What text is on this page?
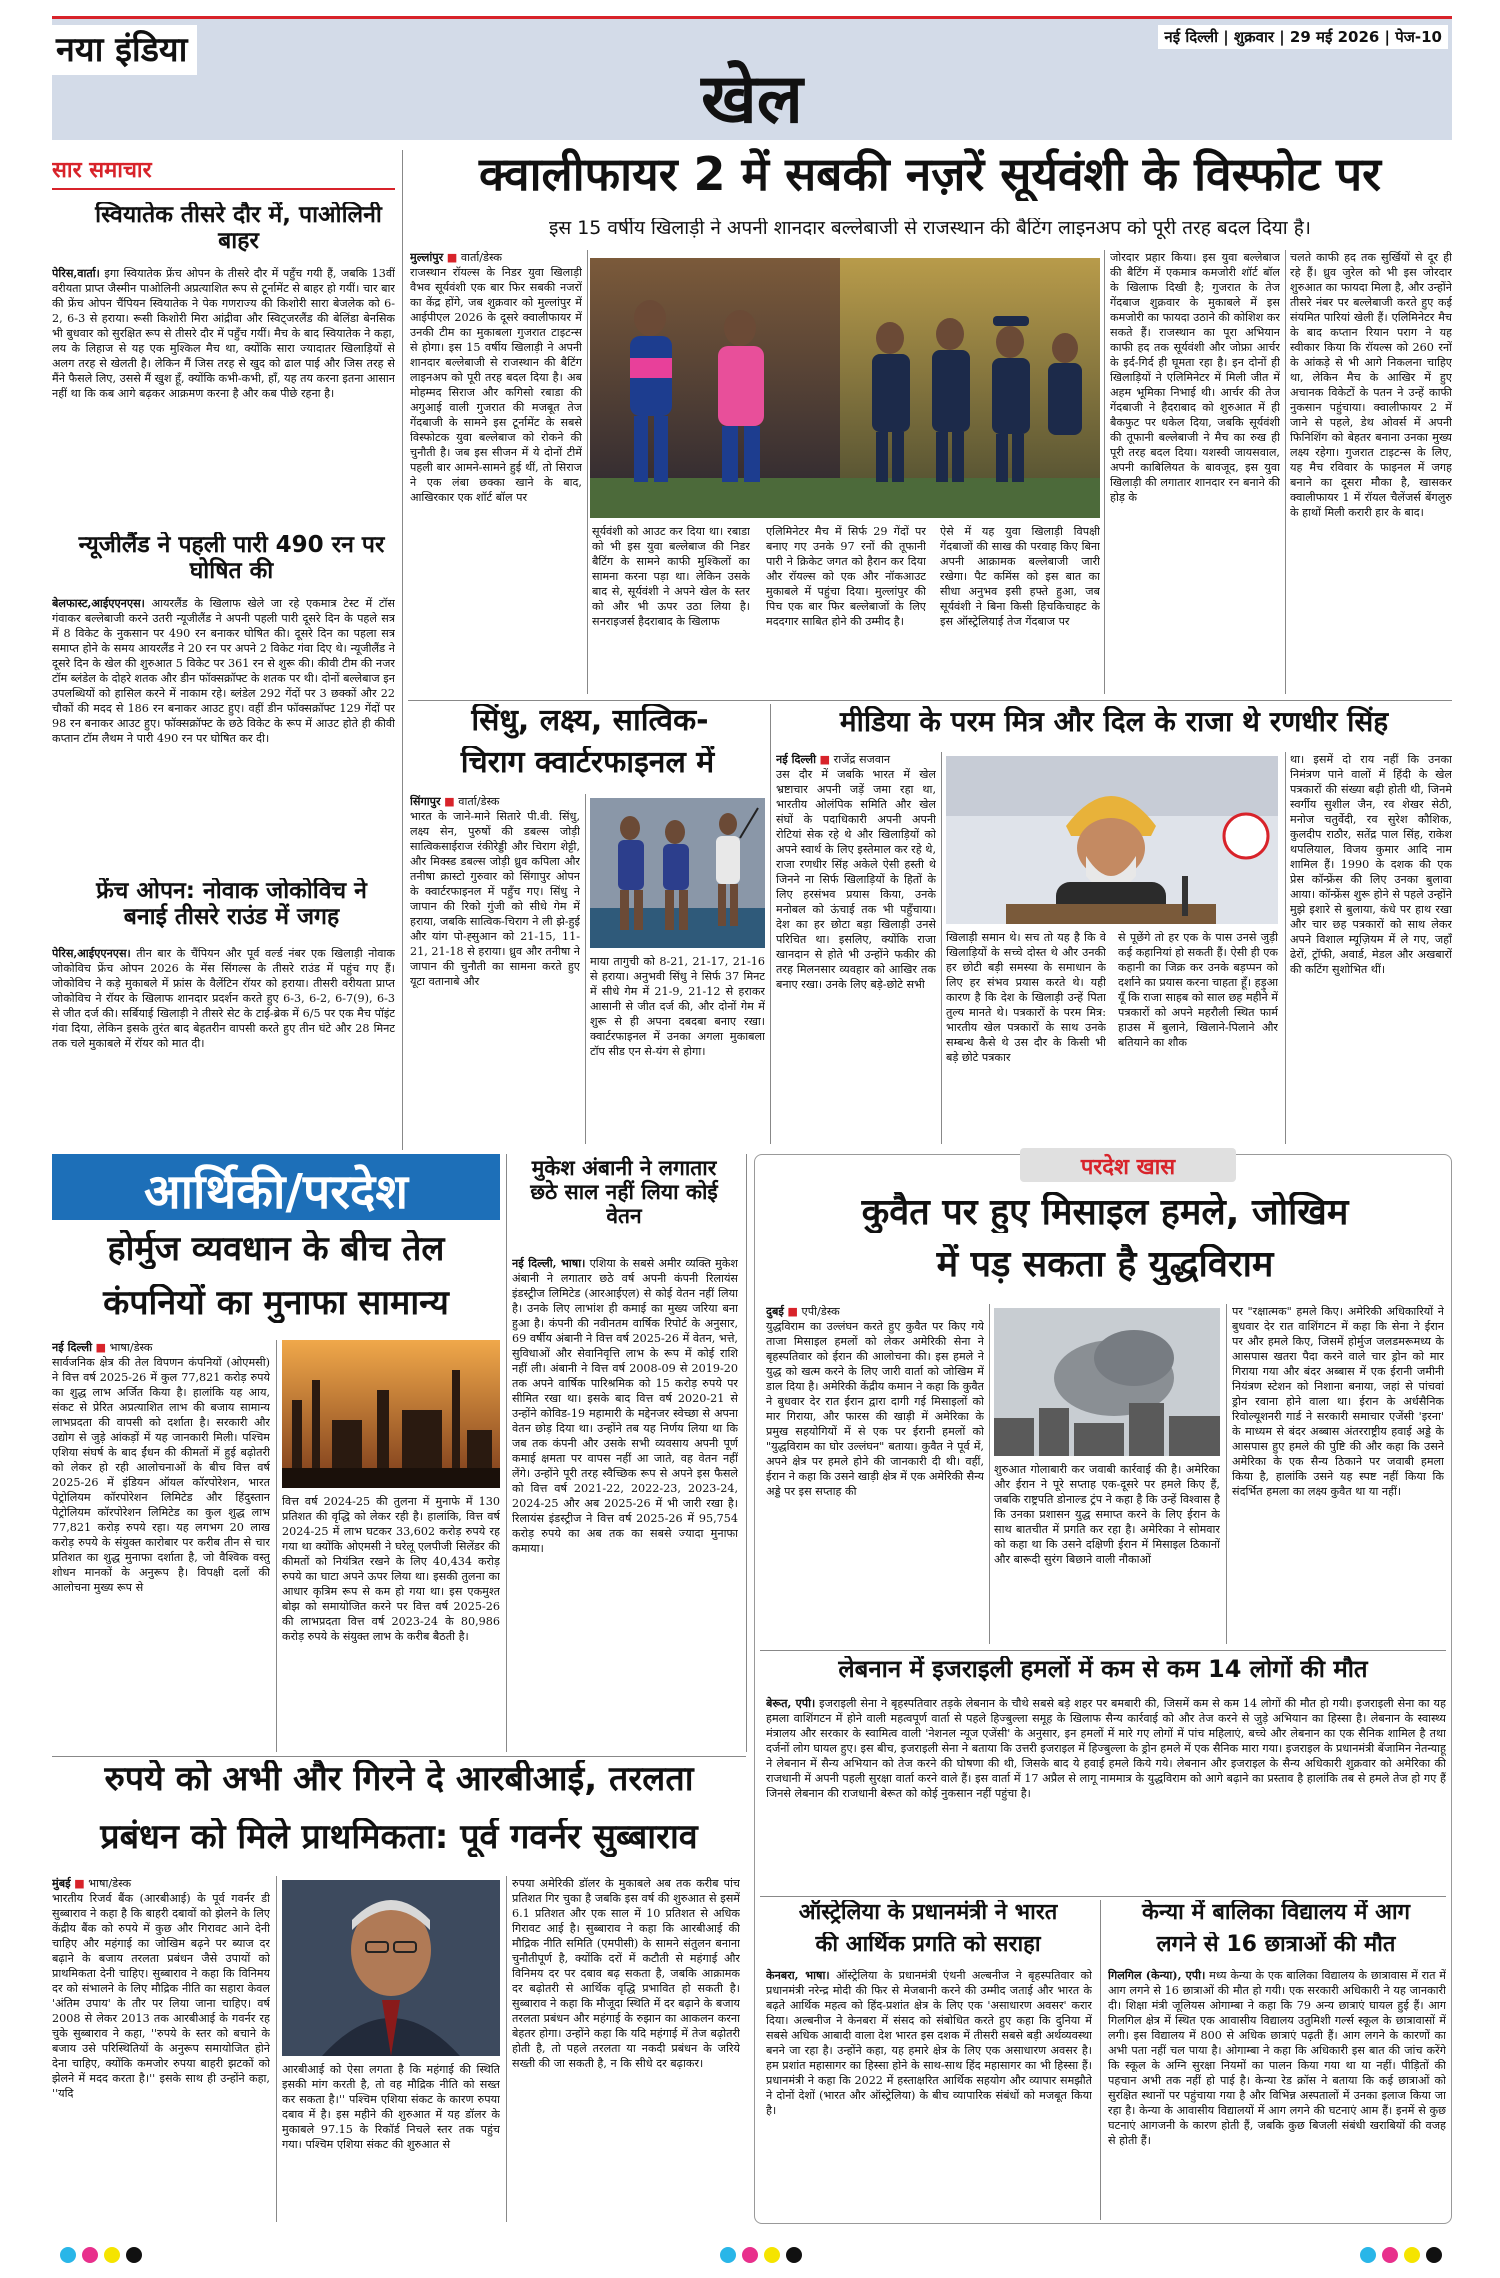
नया इंडिया	नई दिल्ली | शुक्रवार | 29 मई 2026 | पेज-10
खेल
सार समाचार
स्वियातेक तीसरे दौर में, पाओलिनी बाहर
पेरिस,वार्ता। इगा स्वियातेक फ्रेंच ओपन के तीसरे दौर में पहुँच गयी हैं, जबकि 13वीं वरीयता प्राप्त जैस्मीन पाओलिनी अप्रत्याशित रूप से टूर्नामेंट से बाहर हो गयीं। चार बार की फ्रेंच ओपन चैंपियन स्वियातेक ने पेक गणराज्य की किशोरी सारा बेजलेक को 6-2, 6-3 से हराया। रूसी किशोरी मिरा आंद्रीवा और स्विट्जरलैंड की बेलिंडा बेनसिक भी बुधवार को सुरक्षित रूप से तीसरे दौर में पहुँच गयीं। मैच के बाद स्वियातेक ने कहा, लय के लिहाज से यह एक मुश्किल मैच था, क्योंकि सारा ज्यादातर खिलाड़ियों से अलग तरह से खेलती है। लेकिन मैं जिस तरह से खुद को ढाल पाई और जिस तरह से मैंने फैसले लिए, उससे मैं खुश हूँ, क्योंकि कभी-कभी, हाँ, यह तय करना इतना आसान नहीं था कि कब आगे बढ़कर आक्रमण करना है और कब पीछे रहना है।
न्यूजीलैंड ने पहली पारी 490 रन पर घोषित की
बेलफास्ट,आईएएनएस। आयरलैंड के खिलाफ खेले जा रहे एकमात्र टेस्ट में टॉस गंवाकर बल्लेबाजी करने उतरी न्यूजीलैंड ने अपनी पहली पारी दूसरे दिन के पहले सत्र में 8 विकेट के नुकसान पर 490 रन बनाकर घोषित की। दूसरे दिन का पहला सत्र समाप्त होने के समय आयरलैंड ने 20 रन पर अपने 2 विकेट गंवा दिए थे। न्यूजीलैंड ने दूसरे दिन के खेल की शुरुआत 5 विकेट पर 361 रन से शुरू की। कीवी टीम की नजर टॉम ब्लंडेल के दोहरे शतक और डीन फॉक्सक्रॉफ्ट के शतक पर थी। दोनों बल्लेबाज इन उपलब्धियों को हासिल करने में नाकाम रहे। ब्लंडेल 292 गेंदों पर 3 छक्कों और 22 चौकों की मदद से 186 रन बनाकर आउट हुए। वहीं डीन फॉक्सक्रॉफ्ट 129 गेंदों पर 98 रन बनाकर आउट हुए। फॉक्सक्रॉफ्ट के छठे विकेट के रूप में आउट होते ही कीवी कप्तान टॉम लैथम ने पारी 490 रन पर घोषित कर दी।
फ्रेंच ओपन: नोवाक जोकोविच ने बनाई तीसरे राउंड में जगह
पेरिस,आईएएनएस। तीन बार के चैंपियन और पूर्व वर्ल्ड नंबर एक खिलाड़ी नोवाक जोकोविच फ्रेंच ओपन 2026 के मेंस सिंगल्स के तीसरे राउंड में पहुंच गए हैं। जोकोविच ने कड़े मुकाबले में फ्रांस के वैलेंटिन रॉयर को हराया। तीसरी वरीयता प्राप्त जोकोविच ने रॉयर के खिलाफ शानदार प्रदर्शन करते हुए 6-3, 6-2, 6-7(9), 6-3 से जीत दर्ज की। सर्बियाई खिलाड़ी ने तीसरे सेट के टाई-ब्रेक में 6/5 पर एक मैच पॉइंट गंवा दिया, लेकिन इसके तुरंत बाद बेहतरीन वापसी करते हुए तीन घंटे और 28 मिनट तक चले मुकाबले में रॉयर को मात दी।
क्वालीफायर 2 में सबकी नज़रें सूर्यवंशी के विस्फोट पर
इस 15 वर्षीय खिलाड़ी ने अपनी शानदार बल्लेबाजी से राजस्थान की बैटिंग लाइनअप को पूरी तरह बदल दिया है।
मुल्लांपुर ■ वार्ता/डेस्क
राजस्थान रॉयल्स के निडर युवा खिलाड़ी वैभव सूर्यवंशी एक बार फिर सबकी नजरों का केंद्र होंगे, जब शुक्रवार को मुल्लांपुर में आईपीएल 2026 के दूसरे क्वालीफायर में उनकी टीम का मुकाबला गुजरात टाइटन्स से होगा। इस 15 वर्षीय खिलाड़ी ने अपनी शानदार बल्लेबाजी से राजस्थान की बैटिंग लाइनअप को पूरी तरह बदल दिया है। अब मोहम्मद सिराज और कगिसो रबाडा की अगुआई वाली गुजरात की मजबूत तेज गेंदबाजी के सामने इस टूर्नामेंट के सबसे विस्फोटक युवा बल्लेबाज को रोकने की चुनौती है। जब इस सीजन में ये दोनों टीमें पहली बार आमने-सामने हुई थीं, तो सिराज ने एक लंबा छक्का खाने के बाद, आखिरकार एक शॉर्ट बॉल पर
सूर्यवंशी को आउट कर दिया था। रबाडा को भी इस युवा बल्लेबाज की निडर बैटिंग के सामने काफी मुश्किलों का सामना करना पड़ा था। लेकिन उसके बाद से, सूर्यवंशी ने अपने खेल के स्तर को और भी ऊपर उठा लिया है। सनराइजर्स हैदराबाद के खिलाफ
एलिमिनेटर मैच में सिर्फ 29 गेंदों पर बनाए गए उनके 97 रनों की तूफानी पारी ने क्रिकेट जगत को हैरान कर दिया और रॉयल्स को एक और नॉकआउट मुकाबले में पहुंचा दिया। मुल्लांपुर की पिच एक बार फिर बल्लेबाजों के लिए मददगार साबित होने की उम्मीद है।
ऐसे में यह युवा खिलाड़ी विपक्षी गेंदबाजों की साख की परवाह किए बिना अपनी आक्रामक बल्लेबाजी जारी रखेगा। पैट कमिंस को इस बात का सीधा अनुभव इसी हफ्ते हुआ, जब सूर्यवंशी ने बिना किसी हिचकिचाहट के इस ऑस्ट्रेलियाई तेज गेंदबाज पर
जोरदार प्रहार किया। इस युवा बल्लेबाज की बैटिंग में एकमात्र कमजोरी शॉर्ट बॉल के खिलाफ दिखी है; गुजरात के तेज गेंदबाज शुक्रवार के मुकाबले में इस कमजोरी का फायदा उठाने की कोशिश कर सकते हैं। राजस्थान का पूरा अभियान काफी हद तक सूर्यवंशी और जोफ्रा आर्चर के इर्द-गिर्द ही घूमता रहा है। इन दोनों ही खिलाड़ियों ने एलिमिनेटर में मिली जीत में अहम भूमिका निभाई थी। आर्चर की तेज गेंदबाजी ने हैदराबाद को शुरुआत में ही बैकफुट पर धकेल दिया, जबकि सूर्यवंशी की तूफानी बल्लेबाजी ने मैच का रुख ही पूरी तरह बदल दिया। यशस्वी जायसवाल, अपनी काबिलियत के बावजूद, इस युवा खिलाड़ी की लगातार शानदार रन बनाने की होड़ के
चलते काफी हद तक सुर्खियों से दूर ही रहे हैं। ध्रुव जुरेल को भी इस जोरदार शुरुआत का फायदा मिला है, और उन्होंने तीसरे नंबर पर बल्लेबाजी करते हुए कई संयमित पारियां खेली हैं। एलिमिनेटर मैच के बाद कप्तान रियान पराग ने यह स्वीकार किया कि रॉयल्स को 260 रनों के आंकड़े से भी आगे निकलना चाहिए था, लेकिन मैच के आखिर में हुए अचानक विकेटों के पतन ने उन्हें काफी नुकसान पहुंचाया। क्वालीफायर 2 में जाने से पहले, डेथ ओवर्स में अपनी फिनिशिंग को बेहतर बनाना उनका मुख्य लक्ष्य रहेगा। गुजरात टाइटन्स के लिए, यह मैच रविवार के फाइनल में जगह बनाने का दूसरा मौका है, खासकर क्वालीफायर 1 में रॉयल चैलेंजर्स बेंगलुरु के हाथों मिली करारी हार के बाद।
सिंधु, लक्ष्य, सात्विक-
चिराग क्वार्टरफाइनल में
सिंगापुर ■ वार्ता/डेस्क
भारत के जाने-माने सितारे पी.वी. सिंधु, लक्ष्य सेन, पुरुषों की डबल्स जोड़ी सात्विकसाईराज रंकीरेड्डी और चिराग शेट्टी, और मिक्स्ड डबल्स जोड़ी ध्रुव कपिला और तनीषा क्रास्टो गुरुवार को सिंगापुर ओपन के क्वार्टरफाइनल में पहुँच गए। सिंधु ने जापान की रिको गुंजी को सीधे गेम में हराया, जबकि सात्विक-चिराग ने ली झे-हुई और यांग पो-ह्सुआन को 21-15, 11-21, 21-18 से हराया। ध्रुव और तनीषा ने जापान की चुनौती का सामना करते हुए यूटा वतानाबे और
माया तागुची को 8-21, 21-17, 21-16 से हराया। अनुभवी सिंधु ने सिर्फ 37 मिनट में सीधे गेम में 21-9, 21-12 से हराकर आसानी से जीत दर्ज की, और दोनों गेम में शुरू से ही अपना दबदबा बनाए रखा। क्वार्टरफाइनल में उनका अगला मुकाबला टॉप सीड एन से-यंग से होगा।
मीडिया के परम मित्र और दिल के राजा थे रणधीर सिंह
नई दिल्ली ■ राजेंद्र सजवान
उस दौर में जबकि भारत में खेल भ्रष्टाचार अपनी जड़ें जमा रहा था, भारतीय ओलंपिक समिति और खेल संघों के पदाधिकारी अपनी अपनी रोटियां सेक रहे थे और खिलाड़ियों को अपने स्वार्थ के लिए इस्तेमाल कर रहे थे, राजा रणधीर सिंह अकेले ऐसी हस्ती थे जिनने ना सिर्फ खिलाड़ियों के हितों के लिए हरसंभव प्रयास किया, उनके मनोबल को ऊंचाई तक भी पहुँचाया। देश का हर छोटा बड़ा खिलाड़ी उनसे परिचित था। इसलिए, क्योंकि राजा खानदान से होते भी उन्होंने फकीर की तरह मिलनसार व्यवहार को आखिर तक बनाए रखा। उनके लिए बड़े-छोटे सभी
खिलाड़ी समान थे। सच तो यह है कि वे खिलाड़ियों के सच्चे दोस्त थे और उनकी हर छोटी बड़ी समस्या के समाधान के लिए हर संभव प्रयास करते थे। यही कारण है कि देश के खिलाड़ी उन्हें पिता तुल्य मानते थे। पत्रकारों के परम मित्र: भारतीय खेल पत्रकारों के साथ उनके सम्बन्ध कैसे थे उस दौर के किसी भी बड़े छोटे पत्रकार
से पूछेंगे तो हर एक के पास उनसे जुड़ी कई कहानियां हो सकती हैं। ऐसी ही एक कहानी का जिक्र कर उनके बड़प्पन को दर्शाने का प्रयास करना चाहता हूँ। हड़ुआ यूँ कि राजा साहब को साल छह महीने में पत्रकारों को अपने महरौली स्थित फार्म हाउस में बुलाने, खिलाने-पिलाने और बतियाने का शौक
था। इसमें दो राय नहीं कि उनका निमंत्रण पाने वालों में हिंदी के खेल पत्रकारों की संख्या बढ़ी होती थी, जिनमे स्वर्गीय सुशील जैन, रव शेखर सेठी, मनोज चतुर्वेदी, रव सुरेश कौशिक, कुलदीप राठौर, सतेंद्र पाल सिंह, राकेश थपलियाल, विजय कुमार आदि नाम शामिल हैं। 1990 के दशक की एक प्रेस कॉन्फ्रेंस की लिए उनका बुलावा आया। कॉन्फ्रेंस शुरू होने से पहले उन्होंने मुझे इशारे से बुलाया, कंधे पर हाथ रखा और चार छह पत्रकारों को साथ लेकर अपने विशाल म्यूज़ियम में ले गए, जहाँ ढेरों, ट्रॉफी, अवार्ड, मेडल और अखबारों की कटिंग सुशोभित थीं।
आर्थिकी/परदेश
होर्मुज व्यवधान के बीच तेल
कंपनियों का मुनाफा सामान्य
नई दिल्ली ■ भाषा/डेस्क
सार्वजनिक क्षेत्र की तेल विपणन कंपनियों (ओएमसी) ने वित्त वर्ष 2025-26 में कुल 77,821 करोड़ रुपये का शुद्ध लाभ अर्जित किया है। हालांकि यह आय, संकट से प्रेरित अप्रत्याशित लाभ की बजाय सामान्य लाभप्रदता की वापसी को दर्शाता है। सरकारी और उद्योग से जुड़े आंकड़ों में यह जानकारी मिली। पश्चिम एशिया संघर्ष के बाद ईंधन की कीमतों में हुई बढ़ोतरी को लेकर हो रही आलोचनाओं के बीच वित्त वर्ष 2025-26 में इंडियन ऑयल कॉरपोरेशन, भारत पेट्रोलियम कॉरपोरेशन लिमिटेड और हिंदुस्तान पेट्रोलियम कॉरपोरेशन लिमिटेड का कुल शुद्ध लाभ 77,821 करोड़ रुपये रहा। यह लगभग 20 लाख करोड़ रुपये के संयुक्त कारोबार पर करीब तीन से चार प्रतिशत का शुद्ध मुनाफा दर्शाता है, जो वैश्विक वस्तु शोधन मानकों के अनुरूप है। विपक्षी दलों की आलोचना मुख्य रूप से
वित्त वर्ष 2024-25 की तुलना में मुनाफे में 130 प्रतिशत की वृद्धि को लेकर रही है। हालांकि, वित्त वर्ष 2024-25 में लाभ घटकर 33,602 करोड़ रुपये रह गया था क्योंकि ओएमसी ने घरेलू एलपीजी सिलेंडर की कीमतों को नियंत्रित रखने के लिए 40,434 करोड़ रुपये का घाटा अपने ऊपर लिया था। इसकी तुलना का आधार कृत्रिम रूप से कम हो गया था। इस एकमुश्त बोझ को समायोजित करने पर वित्त वर्ष 2025-26 की लाभप्रदता वित्त वर्ष 2023-24 के 80,986 करोड़ रुपये के संयुक्त लाभ के करीब बैठती है।
मुकेश अंबानी ने लगातार छठे साल नहीं लिया कोई वेतन
नई दिल्ली, भाषा। एशिया के सबसे अमीर व्यक्ति मुकेश अंबानी ने लगातार छठे वर्ष अपनी कंपनी रिलायंस इंडस्ट्रीज लिमिटेड (आरआईएल) से कोई वेतन नहीं लिया है। उनके लिए लाभांश ही कमाई का मुख्य जरिया बना हुआ है। कंपनी की नवीनतम वार्षिक रिपोर्ट के अनुसार, 69 वर्षीय अंबानी ने वित्त वर्ष 2025-26 में वेतन, भत्ते, सुविधाओं और सेवानिवृत्ति लाभ के रूप में कोई राशि नहीं ली। अंबानी ने वित्त वर्ष 2008-09 से 2019-20 तक अपने वार्षिक पारिश्रमिक को 15 करोड़ रुपये पर सीमित रखा था। इसके बाद वित्त वर्ष 2020-21 से उन्होंने कोविड-19 महामारी के मद्देनजर स्वेच्छा से अपना वेतन छोड़ दिया था। उन्होंने तब यह निर्णय लिया था कि जब तक कंपनी और उसके सभी व्यवसाय अपनी पूर्ण कमाई क्षमता पर वापस नहीं आ जाते, वह वेतन नहीं लेंगे। उन्होंने पूरी तरह स्वैच्छिक रूप से अपने इस फैसले को वित्त वर्ष 2021-22, 2022-23, 2023-24, 2024-25 और अब 2025-26 में भी जारी रखा है। रिलायंस इंडस्ट्रीज ने वित्त वर्ष 2025-26 में 95,754 करोड़ रुपये का अब तक का सबसे ज्यादा मुनाफा कमाया।
परदेश खास
कुवैत पर हुए मिसाइल हमले, जोखिम
में पड़ सकता है युद्धविराम
दुबई ■ एपी/डेस्क
युद्धविराम का उल्लंघन करते हुए कुवैत पर किए गये ताजा मिसाइल हमलों को लेकर अमेरिकी सेना ने बृहस्पतिवार को ईरान की आलोचना की। इस हमले ने युद्ध को खत्म करने के लिए जारी वार्ता को जोखिम में डाल दिया है। अमेरिकी केंद्रीय कमान ने कहा कि कुवैत ने बुधवार देर रात ईरान द्वारा दागी गई मिसाइलों को मार गिराया, और फारस की खाड़ी में अमेरिका के प्रमुख सहयोगियों में से एक पर ईरानी हमलों को "युद्धविराम का घोर उल्लंघन" बताया। कुवैत ने पूर्व में, अपने क्षेत्र पर हमले होने की जानकारी दी थी। वहीं, ईरान ने कहा कि उसने खाड़ी क्षेत्र में एक अमेरिकी सैन्य अड्डे पर इस सप्ताह की
शुरुआत गोलाबारी कर जवाबी कार्रवाई की है। अमेरिका और ईरान ने पूरे सप्ताह एक-दूसरे पर हमले किए हैं, जबकि राष्ट्रपति डोनाल्ड ट्रंप ने कहा है कि उन्हें विश्वास है कि उनका प्रशासन युद्ध समाप्त करने के लिए ईरान के साथ बातचीत में प्रगति कर रहा है। अमेरिका ने सोमवार को कहा था कि उसने दक्षिणी ईरान में मिसाइल ठिकानों और बारूदी सुरंग बिछाने वाली नौकाओं
पर "रक्षात्मक" हमले किए। अमेरिकी अधिकारियों ने बुधवार देर रात वाशिंगटन में कहा कि सेना ने ईरान पर और हमले किए, जिसमें होर्मुज जलडमरूमध्य के आसपास खतरा पैदा करने वाले चार ड्रोन को मार गिराया गया और बंदर अब्बास में एक ईरानी जमीनी नियंत्रण स्टेशन को निशाना बनाया, जहां से पांचवां ड्रोन रवाना होने वाला था। ईरान के अर्धसैनिक रिवोल्यूशनरी गार्ड ने सरकारी समाचार एजेंसी 'इरना' के माध्यम से बंदर अब्बास अंतरराष्ट्रीय हवाई अड्डे के आसपास हुए हमले की पुष्टि की और कहा कि उसने अमेरिका के एक सैन्य ठिकाने पर जवाबी हमला किया है, हालांकि उसने यह स्पष्ट नहीं किया कि संदर्भित हमला का लक्ष्य कुवैत था या नहीं।
लेबनान में इजराइली हमलों में कम से कम 14 लोगों की मौत
बेरूत, एपी। इजराइली सेना ने बृहस्पतिवार तड़के लेबनान के चौथे सबसे बड़े शहर पर बमबारी की, जिसमें कम से कम 14 लोगों की मौत हो गयी। इजराइली सेना का यह हमला वाशिंगटन में होने वाली महत्वपूर्ण वार्ता से पहले हिज्बुल्ला समूह के खिलाफ सैन्य कार्रवाई को और तेज करने से जुड़े अभियान का हिस्सा है। लेबनान के स्वास्थ्य मंत्रालय और सरकार के स्वामित्व वाली 'नेशनल न्यूज एजेंसी' के अनुसार, इन हमलों में मारे गए लोगों में पांच महिलाएं, बच्चे और लेबनान का एक सैनिक शामिल है तथा दर्जनों लोग घायल हुए। इस बीच, इजराइली सेना ने बताया कि उत्तरी इजराइल में हिज्बुल्ला के ड्रोन हमले में एक सैनिक मारा गया। इजराइल के प्रधानमंत्री बेंजामिन नेतन्याहू ने लेबनान में सैन्य अभियान को तेज करने की घोषणा की थी, जिसके बाद ये हवाई हमले किये गये। लेबनान और इजराइल के सैन्य अधिकारी शुक्रवार को अमेरिका की राजधानी में अपनी पहली सुरक्षा वार्ता करने वाले हैं। इस वार्ता में 17 अप्रैल से लागू नाममात्र के युद्धविराम को आगे बढ़ाने का प्रस्ताव है हालांकि तब से हमले तेज हो गए हैं जिनसे लेबनान की राजधानी बेरूत को कोई नुकसान नहीं पहुंचा है।
ऑस्ट्रेलिया के प्रधानमंत्री ने भारत
की आर्थिक प्रगति को सराहा
केनबरा, भाषा। ऑस्ट्रेलिया के प्रधानमंत्री एंथनी अल्बनीज ने बृहस्पतिवार को प्रधानमंत्री नरेन्द्र मोदी की फिर से मेजबानी करने की उम्मीद जताई और भारत के बढ़ते आर्थिक महत्व को हिंद-प्रशांत क्षेत्र के लिए एक 'असाधारण अवसर' करार दिया। अल्बनीज ने केनबरा में संसद को संबोधित करते हुए कहा कि दुनिया में सबसे अधिक आबादी वाला देश भारत इस दशक में तीसरी सबसे बड़ी अर्थव्यवस्था बनने जा रहा है। उन्होंने कहा, यह हमारे क्षेत्र के लिए एक असाधारण अवसर है। हम प्रशांत महासागर का हिस्सा होने के साथ-साथ हिंद महासागर का भी हिस्सा हैं। प्रधानमंत्री ने कहा कि 2022 में हस्ताक्षरित आर्थिक सहयोग और व्यापार समझौते ने दोनों देशों (भारत और ऑस्ट्रेलिया) के बीच व्यापारिक संबंधों को मजबूत किया है।
केन्या में बालिका विद्यालय में आग
लगने से 16 छात्राओं की मौत
गिलगिल (केन्या), एपी। मध्य केन्या के एक बालिका विद्यालय के छात्रावास में रात में आग लगने से 16 छात्राओं की मौत हो गयी। एक सरकारी अधिकारी ने यह जानकारी दी। शिक्षा मंत्री जूलियस ओगाम्बा ने कहा कि 79 अन्य छात्राएं घायल हुई हैं। आग गिलगिल क्षेत्र में स्थित एक आवासीय विद्यालय उतुमिशी गर्ल्स स्कूल के छात्रावासों में लगी। इस विद्यालय में 800 से अधिक छात्राएं पढ़ती हैं। आग लगने के कारणों का अभी पता नहीं चल पाया है। ओगाम्बा ने कहा कि अधिकारी इस बात की जांच करेंगे कि स्कूल के अग्नि सुरक्षा नियमों का पालन किया गया था या नहीं। पीड़ितों की पहचान अभी तक नहीं हो पाई है। केन्या रेड क्रॉस ने बताया कि कई छात्राओं को सुरक्षित स्थानों पर पहुंचाया गया है और विभिन्न अस्पतालों में उनका इलाज किया जा रहा है। केन्या के आवासीय विद्यालयों में आग लगने की घटनाएं आम हैं। इनमें से कुछ घटनाएं आगजनी के कारण होती हैं, जबकि कुछ बिजली संबंधी खराबियों की वजह से होती हैं।
रुपये को अभी और गिरने दे आरबीआई, तरलता
प्रबंधन को मिले प्राथमिकता: पूर्व गवर्नर सुब्बाराव
मुंबई ■ भाषा/डेस्क
भारतीय रिजर्व बैंक (आरबीआई) के पूर्व गवर्नर डी सुब्बाराव ने कहा है कि बाहरी दबावों को झेलने के लिए केंद्रीय बैंक को रुपये में कुछ और गिरावट आने देनी चाहिए और महंगाई का जोखिम बढ़ने पर ब्याज दर बढ़ाने के बजाय तरलता प्रबंधन जैसे उपायों को प्राथमिकता देनी चाहिए। सुब्बाराव ने कहा कि विनिमय दर को संभालने के लिए मौद्रिक नीति का सहारा केवल 'अंतिम उपाय' के तौर पर लिया जाना चाहिए। वर्ष 2008 से लेकर 2013 तक आरबीआई के गवर्नर रह चुके सुब्बाराव ने कहा, ''रुपये के स्तर को बचाने के बजाय उसे परिस्थितियों के अनुरूप समायोजित होने देना चाहिए, क्योंकि कमजोर रुपया बाहरी झटकों को झेलने में मदद करता है।'' इसके साथ ही उन्होंने कहा, ''यदि
आरबीआई को ऐसा लगता है कि महंगाई की स्थिति इसकी मांग करती है, तो वह मौद्रिक नीति को सख्त कर सकता है।'' पश्चिम एशिया संकट के कारण रुपया दबाव में है। इस महीने की शुरुआत में यह डॉलर के मुकाबले 97.15 के रिकॉर्ड निचले स्तर तक पहुंच गया। पश्चिम एशिया संकट की शुरुआत से
रुपया अमेरिकी डॉलर के मुकाबले अब तक करीब पांच प्रतिशत गिर चुका है जबकि इस वर्ष की शुरुआत से इसमें 6.1 प्रतिशत और एक साल में 10 प्रतिशत से अधिक गिरावट आई है। सुब्बाराव ने कहा कि आरबीआई की मौद्रिक नीति समिति (एमपीसी) के सामने संतुलन बनाना चुनौतीपूर्ण है, क्योंकि दरों में कटौती से महंगाई और विनिमय दर पर दबाव बढ़ सकता है, जबकि आक्रामक दर बढ़ोतरी से आर्थिक वृद्धि प्रभावित हो सकती है। सुब्बाराव ने कहा कि मौजूदा स्थिति में दर बढ़ाने के बजाय तरलता प्रबंधन और महंगाई के रुझान का आकलन करना बेहतर होगा। उन्होंने कहा कि यदि महंगाई में तेज बढ़ोतरी होती है, तो पहले तरलता या नकदी प्रबंधन के जरिये सख्ती की जा सकती है, न कि सीधे दर बढ़ाकर।
